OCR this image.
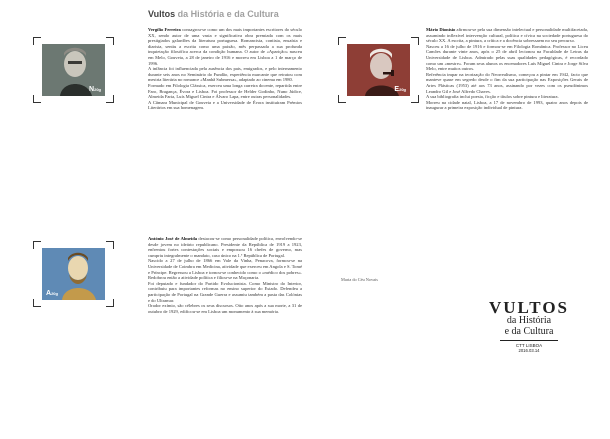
Vultos da História e da Cultura
N20g	E20g
A20g

Vergílio Ferreira consagrou-se como um dos mais importantes escritores do século XX, sendo autor de uma vasta e significativa obra premiada com os mais prestigiados galardões da literatura portuguesa. Romancista, contista, ensaísta e diarista, sentiu a escrita como uma paixão, mês perpassada a sua profunda inquietação filosófica acerca da condição humana. O autor de «Aparição» nasceu em Melo, Gouveia, a 28 de janeiro de 1916 e morreu em Lisboa a 1 de março de 1996.

A infância foi influenciada pela ausência dos pais, emigrados, e pelo internamento durante seis anos no Seminário do Fundão, experiência marcante que retratou com mestria literária no romance «Manhã Submersa», adaptado ao cinema em 1980.

Formado em Filologia Clássica, exerceu uma longa carreira docente, repartida entre Faro, Bragança, Évora e Lisboa. Foi professor de Helder Godinho, Nuno Júdice, Almeida Faria, Luís Miguel Cintra e Álvaro Lapa, entre outras personalidades.

A Câmara Municipal de Gouveia e a Universidade de Évora instituíram Prémios Literários em sua homenagem.

Mário Dionísio afirmou-se pela sua dimensão intelectual e personalidade multifacetada, assumindo inflexível intervenção cultural, política e cívica na sociedade portuguesa do século XX. A escrita, a pintura, a crítica e a docência sobressaem no seu percurso.

Nasceu a 16 de julho de 1916 e formou-se em Filologia Românica. Professor no Liceu Camões durante vinte anos, após o 25 de abril lecionou na Faculdade de Letras da Universidade de Lisboa. Admirado pelas suas qualidades pedagógicas, é recordado como um «mestre». Foram seus alunos os encenadores Luís Miguel Cintra e Jorge Silva Melo, entre muitos outros.

Referência impar na teorização do Neorrealismo, começou a pintar em 1942, facto que manteve quase em segredo desde o fim da sua participação nas Exposições Gerais de Artes Plásticas (1953) até aos 73 anos, assinando por vezes com os pseudónimos Leandro Gil e José Alfredo Chaves.

A sua bibliografia inclui poesia, ficção e títulos sobre pintura e literatura.

Morreu na cidade natal, Lisboa, a 17 de novembro de 1993, quatro anos depois de inaugurar a primeira exposição individual de pintura.

António José de Almeida destacou-se como personalidade política, envolvendo-se desde jovem no ideário republicano. Presidente da República de 1919 a 1923, enfrentou fortes contestações sociais e empossou 16 chefes de governo, mas cumpriu integralmente o mandato, caso único na 1.ª República de Portugal.

Nascido a 27 de julho de 1866 em Vale da Vinha, Penacova, formou-se na Universidade de Coimbra em Medicina, atividade que exerceu em Angola e S. Tomé e Príncipe. Regressou a Lisboa e tornou-se conhecido como o «médico dos pobres». Redobrou então a atividade política e filiou-se na Maçonaria.

Foi deputado e fundador do Partido Evolucionista. Como Ministro do Interior, contribuiu para importantes reformas no ensino superior do Estado. Defendeu a participação de Portugal na Grande Guerra e assumiu também a pasta das Colónias e do Ultramar.

Orador exímio, são célebres os seus discursos. Oito anos após a sua morte, a 31 de outubro de 1929, edificou-se em Lisboa um monumento à sua memória.

Maria do Céu Novais
VULTOS
da História
e da Cultura
CTT LISBOA
2016.03.14
